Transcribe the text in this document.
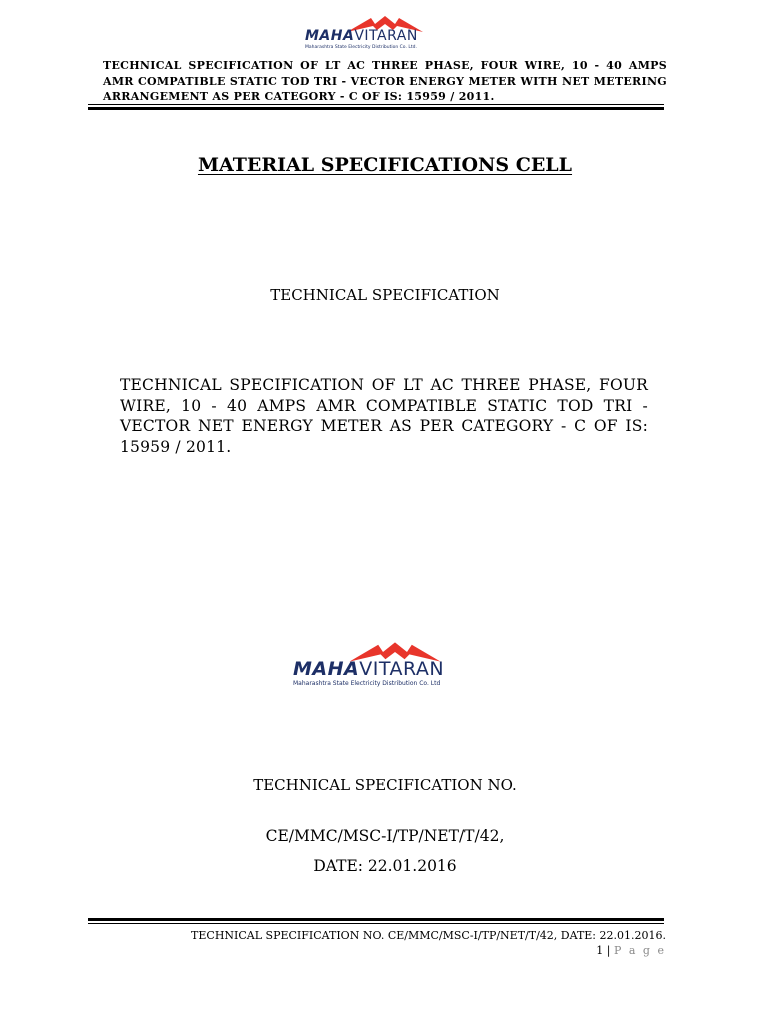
MAHAVITARAN
Maharashtra State Electricity Distribution Co. Ltd.
TECHNICAL SPECIFICATION OF LT AC THREE PHASE, FOUR WIRE, 10 - 40 AMPS AMR COMPATIBLE STATIC TOD TRI - VECTOR ENERGY METER WITH NET METERING ARRANGEMENT AS PER CATEGORY - C OF IS: 15959 / 2011.
MATERIAL SPECIFICATIONS CELL
TECHNICAL SPECIFICATION
TECHNICAL SPECIFICATION OF LT AC THREE PHASE, FOUR WIRE, 10 - 40 AMPS AMR COMPATIBLE STATIC TOD TRI - VECTOR NET ENERGY METER AS PER CATEGORY - C OF IS: 15959 / 2011.
MAHAVITARAN
Maharashtra State Electricity Distribution Co. Ltd
TECHNICAL SPECIFICATION NO.
CE/MMC/MSC-I/TP/NET/T/42,
DATE: 22.01.2016
TECHNICAL SPECIFICATION NO. CE/MMC/MSC-I/TP/NET/T/42, DATE: 22.01.2016.
1 | P a g e
